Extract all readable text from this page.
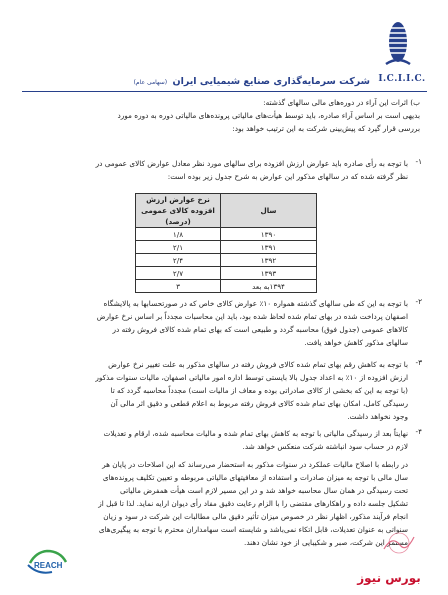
I.C.I.I.C.
شرکت سرمایه‌گذاری صنایع شیمیایی ایران (سهامی عام)
ب) اثرات این آراء در دوره‌های مالی سالهای گذشته:
بدیهی است بر اساس آراء صادره، باید توسط هیأت‌های مالیاتی پرونده‌های مالیاتی دوره به دوره مورد
بررسی قرار گیرد که پیش‌بینی شرکت به این ترتیب خواهد بود:
۱-
با توجه به رأی صادره باید عوارض ارزش افزوده برای سالهای مورد نظر معادل عوارض کالای عمومی در
نظر گرفته شده که در سالهای مذکور این عوارض به شرح جدول زیر بوده است:
سال	نرخ عوارض ارزش افزوده کالای عمومی (درصد)
۱۳۹۰	۱/۸
۱۳۹۱	۲/۱
۱۳۹۲	۲/۴
۱۳۹۳	۲/۷
۱۳۹۴به بعد	۳
۲-
با توجه به این که طی سالهای گذشته همواره ۱۰٪ عوارض کالای خاص که در صورتحسابها به پالایشگاه
اصفهان پرداخت شده در بهای تمام شده لحاظ شده بود، باید این محاسبات مجدداً بر اساس نرخ عوارض
کالاهای عمومی (جدول فوق) محاسبه گردد و طبیعی است که بهای تمام شده کالای فروش رفته در
سالهای مذکور کاهش خواهد یافت.
۳-
با توجه به کاهش رقم بهای تمام شده کالای فروش رفته در سالهای مذکور به علت تغییر نرخ عوارض
ارزش افزوده از ۱۰٪ به اعداد جدول بالا بایستی توسط اداره امور مالیاتی اصفهان، مالیات سنوات مذکور
(با توجه به این که بخشی از کالای صادراتی بوده و معاف از مالیات است) مجدداً محاسبه گردد که تا
رسیدگی کامل، امکان بهای تمام شده کالای فروش رفته مربوط به اعلام قطعی و دقیق اثر مالی آن
وجود نخواهد داشت.
۴-
نهایتاً بعد از رسیدگی مالیاتی با توجه به کاهش بهای تمام شده و مالیات محاسبه شده، ارقام و تعدیلات
لازم در حساب سود انباشته شرکت منعکس خواهد شد.
در رابطه با اصلاح مالیات عملکرد در سنوات مذکور به استحضار می‌رساند که این اصلاحات در پایان هر
سال مالی با توجه به میزان صادرات و استفاده از معافیتهای مالیاتی مربوطه و تعیین تکلیف پرونده‌های
تحت رسیدگی در همان سال محاسبه خواهد شد و در این مسیر لازم است هیأت همفرض مالیاتی
تشکیل جلسه داده و راهکارهای مقتضی را با الزام رعایت دقیق مفاد رأی دیوان ارایه نماید. لذا تا قبل از
انجام فرآیند مذکور، اظهار نظر در خصوص میزان تأثیر دقیق مالی مطالبات این شرکت در سود و زیان
سنواتی به عنوان تعدیلات، قابل اتکاء نمی‌باشد و شایسته است سهامداران محترم با توجه به پیگیری‌های
مستمر این شرکت، صبر و شکیبایی از خود نشان دهند.
REACH
بورس نیوز
